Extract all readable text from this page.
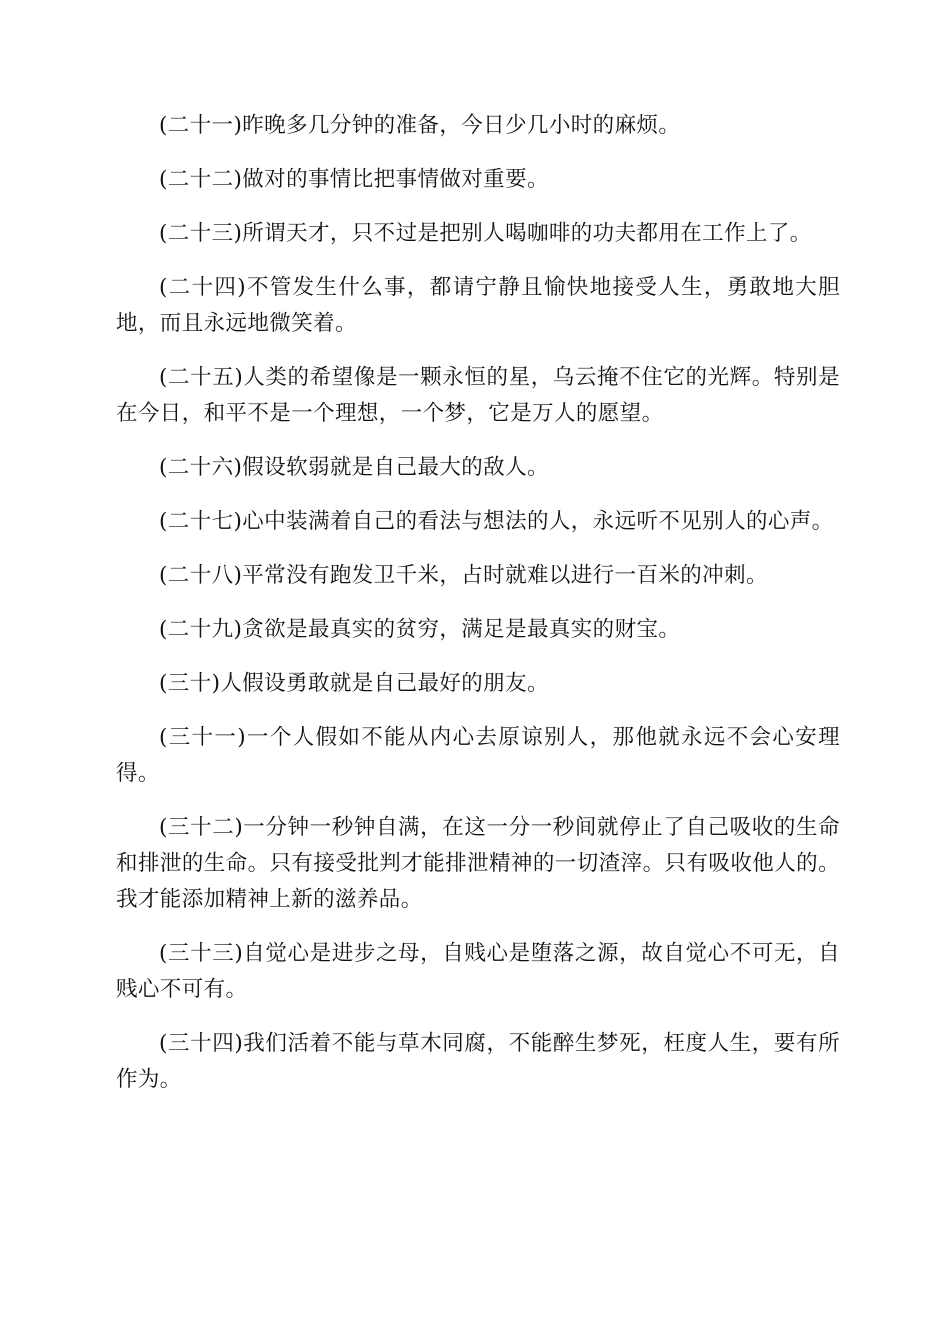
(二十一)昨晚多几分钟的准备，今日少几小时的麻烦。

(二十二)做对的事情比把事情做对重要。

(二十三)所谓天才，只不过是把别人喝咖啡的功夫都用在工作上了。

(二十四)不管发生什么事，都请宁静且愉快地接受人生，勇敢地大胆地，而且永远地微笑着。

(二十五)人类的希望像是一颗永恒的星，乌云掩不住它的光辉。特别是在今日，和平不是一个理想，一个梦，它是万人的愿望。

(二十六)假设软弱就是自己最大的敌人。

(二十七)心中装满着自己的看法与想法的人，永远听不见别人的心声。

(二十八)平常没有跑发卫千米，占时就难以进行一百米的冲刺。

(二十九)贪欲是最真实的贫穷，满足是最真实的财宝。

(三十)人假设勇敢就是自己最好的朋友。

(三十一)一个人假如不能从内心去原谅别人，那他就永远不会心安理得。

(三十二)一分钟一秒钟自满，在这一分一秒间就停止了自己吸收的生命和排泄的生命。只有接受批判才能排泄精神的一切渣滓。只有吸收他人的。我才能添加精神上新的滋养品。

(三十三)自觉心是进步之母，自贱心是堕落之源，故自觉心不可无，自贱心不可有。

(三十四)我们活着不能与草木同腐，不能醉生梦死，枉度人生，要有所作为。
